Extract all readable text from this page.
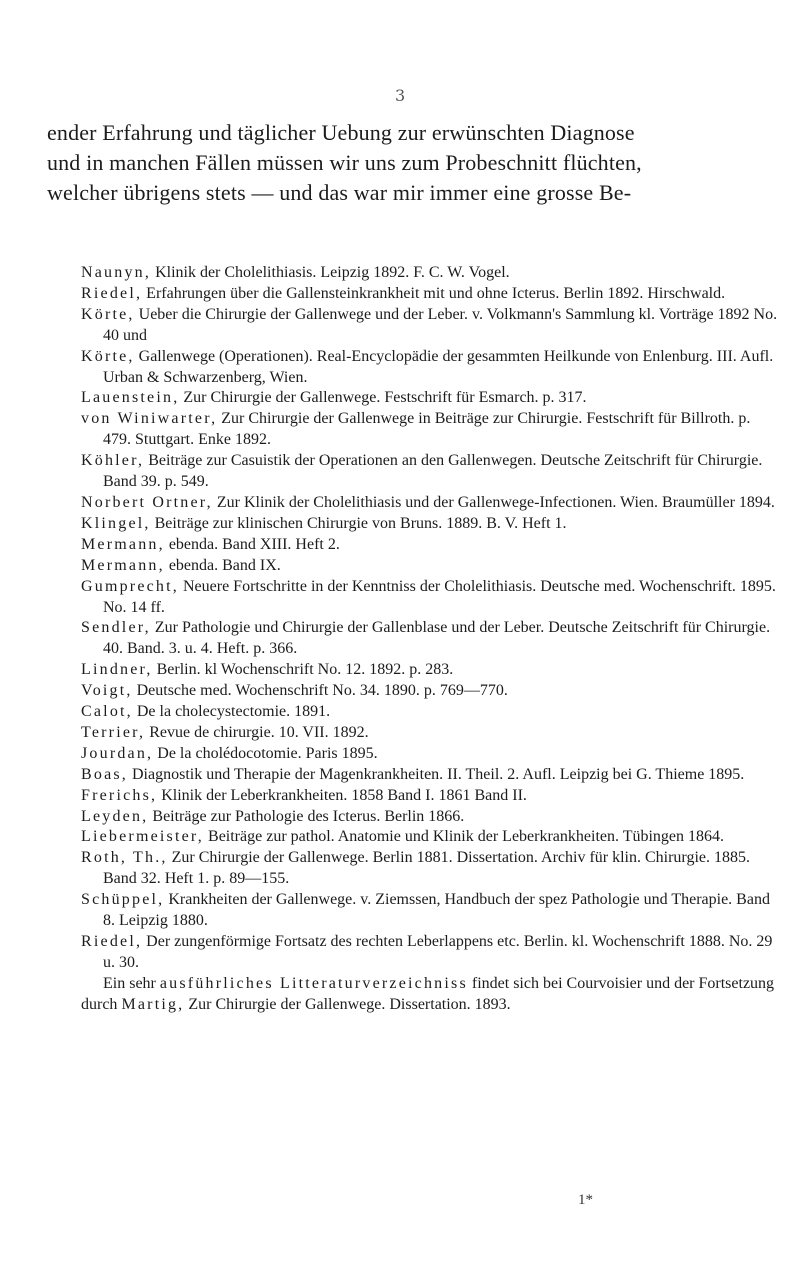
3
ender Erfahrung und täglicher Uebung zur erwünschten Diagnose
und in manchen Fällen müssen wir uns zum Probeschnitt flüchten,
welcher übrigens stets — und das war mir immer eine grosse Be-
Naunyn, Klinik der Cholelithiasis. Leipzig 1892. F. C. W. Vogel.
Riedel, Erfahrungen über die Gallensteinkrankheit mit und ohne Icterus. Berlin 1892. Hirschwald.
Körte, Ueber die Chirurgie der Gallenwege und der Leber. v. Volkmann's Sammlung kl. Vorträge 1892 No. 40 und
Körte, Gallenwege (Operationen). Real-Encyclopädie der gesammten Heilkunde von Enlenburg. III. Aufl. Urban & Schwarzenberg, Wien.
Lauenstein, Zur Chirurgie der Gallenwege. Festschrift für Esmarch. p. 317.
von Winiwarter, Zur Chirurgie der Gallenwege in Beiträge zur Chirurgie. Festschrift für Billroth. p. 479. Stuttgart. Enke 1892.
Köhler, Beiträge zur Casuistik der Operationen an den Gallenwegen. Deutsche Zeitschrift für Chirurgie. Band 39. p. 549.
Norbert Ortner, Zur Klinik der Cholelithiasis und der Gallenwege-Infectionen. Wien. Braumüller 1894.
Klingel, Beiträge zur klinischen Chirurgie von Bruns. 1889. B. V. Heft 1.
Mermann, ebenda. Band XIII. Heft 2.
Mermann, ebenda. Band IX.
Gumprecht, Neuere Fortschritte in der Kenntniss der Cholelithiasis. Deutsche med. Wochenschrift. 1895. No. 14 ff.
Sendler, Zur Pathologie und Chirurgie der Gallenblase und der Leber. Deutsche Zeitschrift für Chirurgie. 40. Band. 3. u. 4. Heft. p. 366.
Lindner, Berlin. kl Wochenschrift No. 12. 1892. p. 283.
Voigt, Deutsche med. Wochenschrift No. 34. 1890. p. 769—770.
Calot, De la cholecystectomie. 1891.
Terrier, Revue de chirurgie. 10. VII. 1892.
Jourdan, De la cholédocotomie. Paris 1895.
Boas, Diagnostik und Therapie der Magenkrankheiten. II. Theil. 2. Aufl. Leipzig bei G. Thieme 1895.
Frerichs, Klinik der Leberkrankheiten. 1858 Band I. 1861 Band II.
Leyden, Beiträge zur Pathologie des Icterus. Berlin 1866.
Liebermeister, Beiträge zur pathol. Anatomie und Klinik der Leberkrankheiten. Tübingen 1864.
Roth, Th., Zur Chirurgie der Gallenwege. Berlin 1881. Dissertation. Archiv für klin. Chirurgie. 1885. Band 32. Heft 1. p. 89—155.
Schüppel, Krankheiten der Gallenwege. v. Ziemssen, Handbuch der spez Pathologie und Therapie. Band 8. Leipzig 1880.
Riedel, Der zungenförmige Fortsatz des rechten Leberlappens etc. Berlin. kl. Wochenschrift 1888. No. 29 u. 30.
Ein sehr ausführliches Litteraturverzeichniss findet sich bei Courvoisier und der Fortsetzung durch Martig, Zur Chirurgie der Gallenwege. Dissertation. 1893.
1*
